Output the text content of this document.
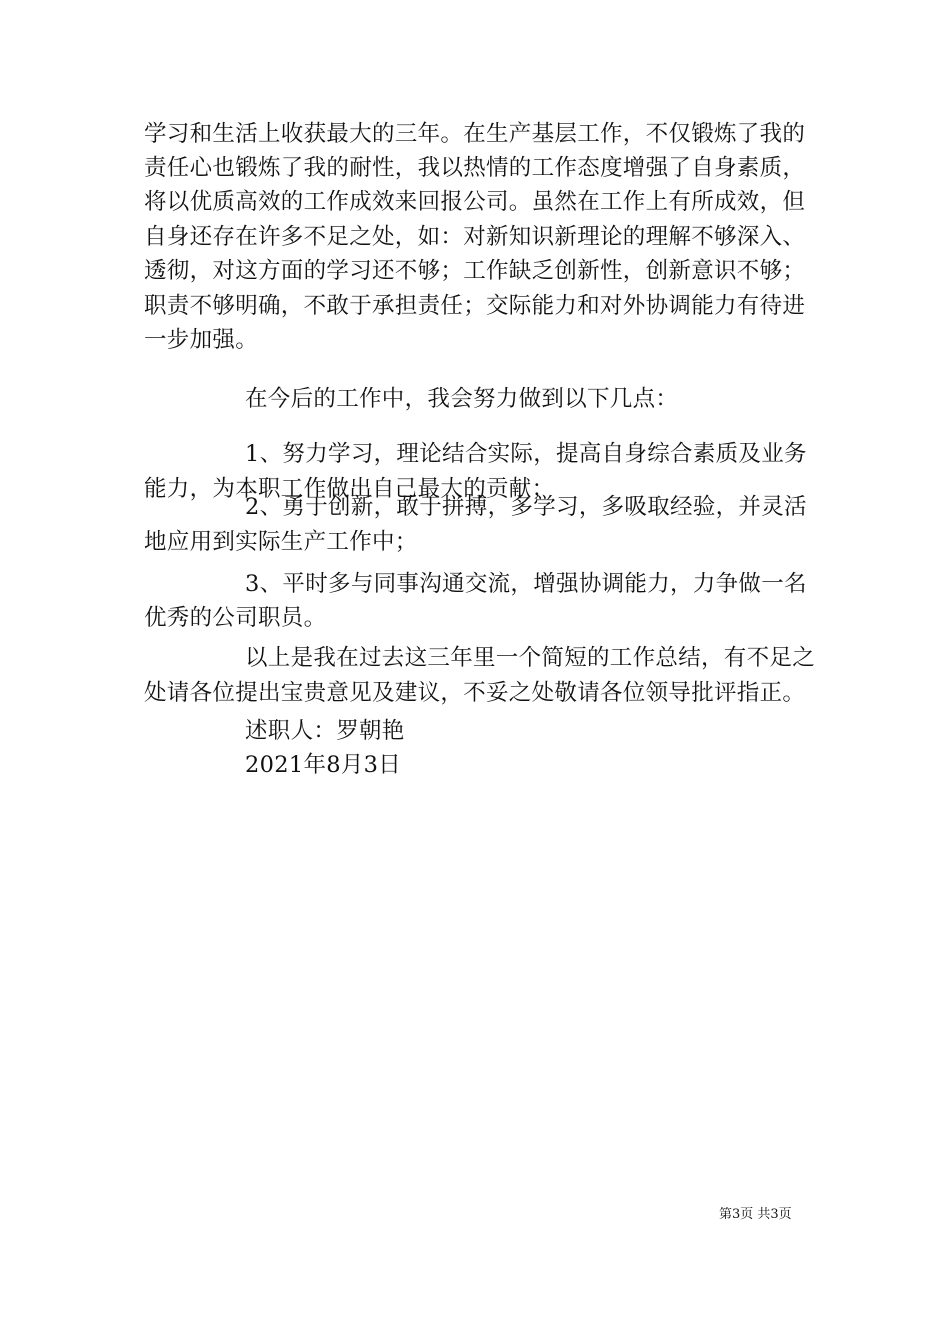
学习和生活上收获最大的三年。在生产基层工作，不仅锻炼了我的
责任心也锻炼了我的耐性，我以热情的工作态度增强了自身素质，
将以优质高效的工作成效来回报公司。虽然在工作上有所成效，但
自身还存在许多不足之处，如：对新知识新理论的理解不够深入、
透彻，对这方面的学习还不够；工作缺乏创新性，创新意识不够；
职责不够明确，不敢于承担责任；交际能力和对外协调能力有待进
一步加强。
在今后的工作中，我会努力做到以下几点：
1、努力学习，理论结合实际，提高自身综合素质及业务
能力，为本职工作做出自己最大的贡献；
2、勇于创新，敢于拼搏，多学习，多吸取经验，并灵活
地应用到实际生产工作中；
3、平时多与同事沟通交流，增强协调能力，力争做一名
优秀的公司职员。
以上是我在过去这三年里一个简短的工作总结，有不足之
处请各位提出宝贵意见及建议，不妥之处敬请各位领导批评指正。
述职人：罗朝艳
2021年8月3日
第3页 共3页
